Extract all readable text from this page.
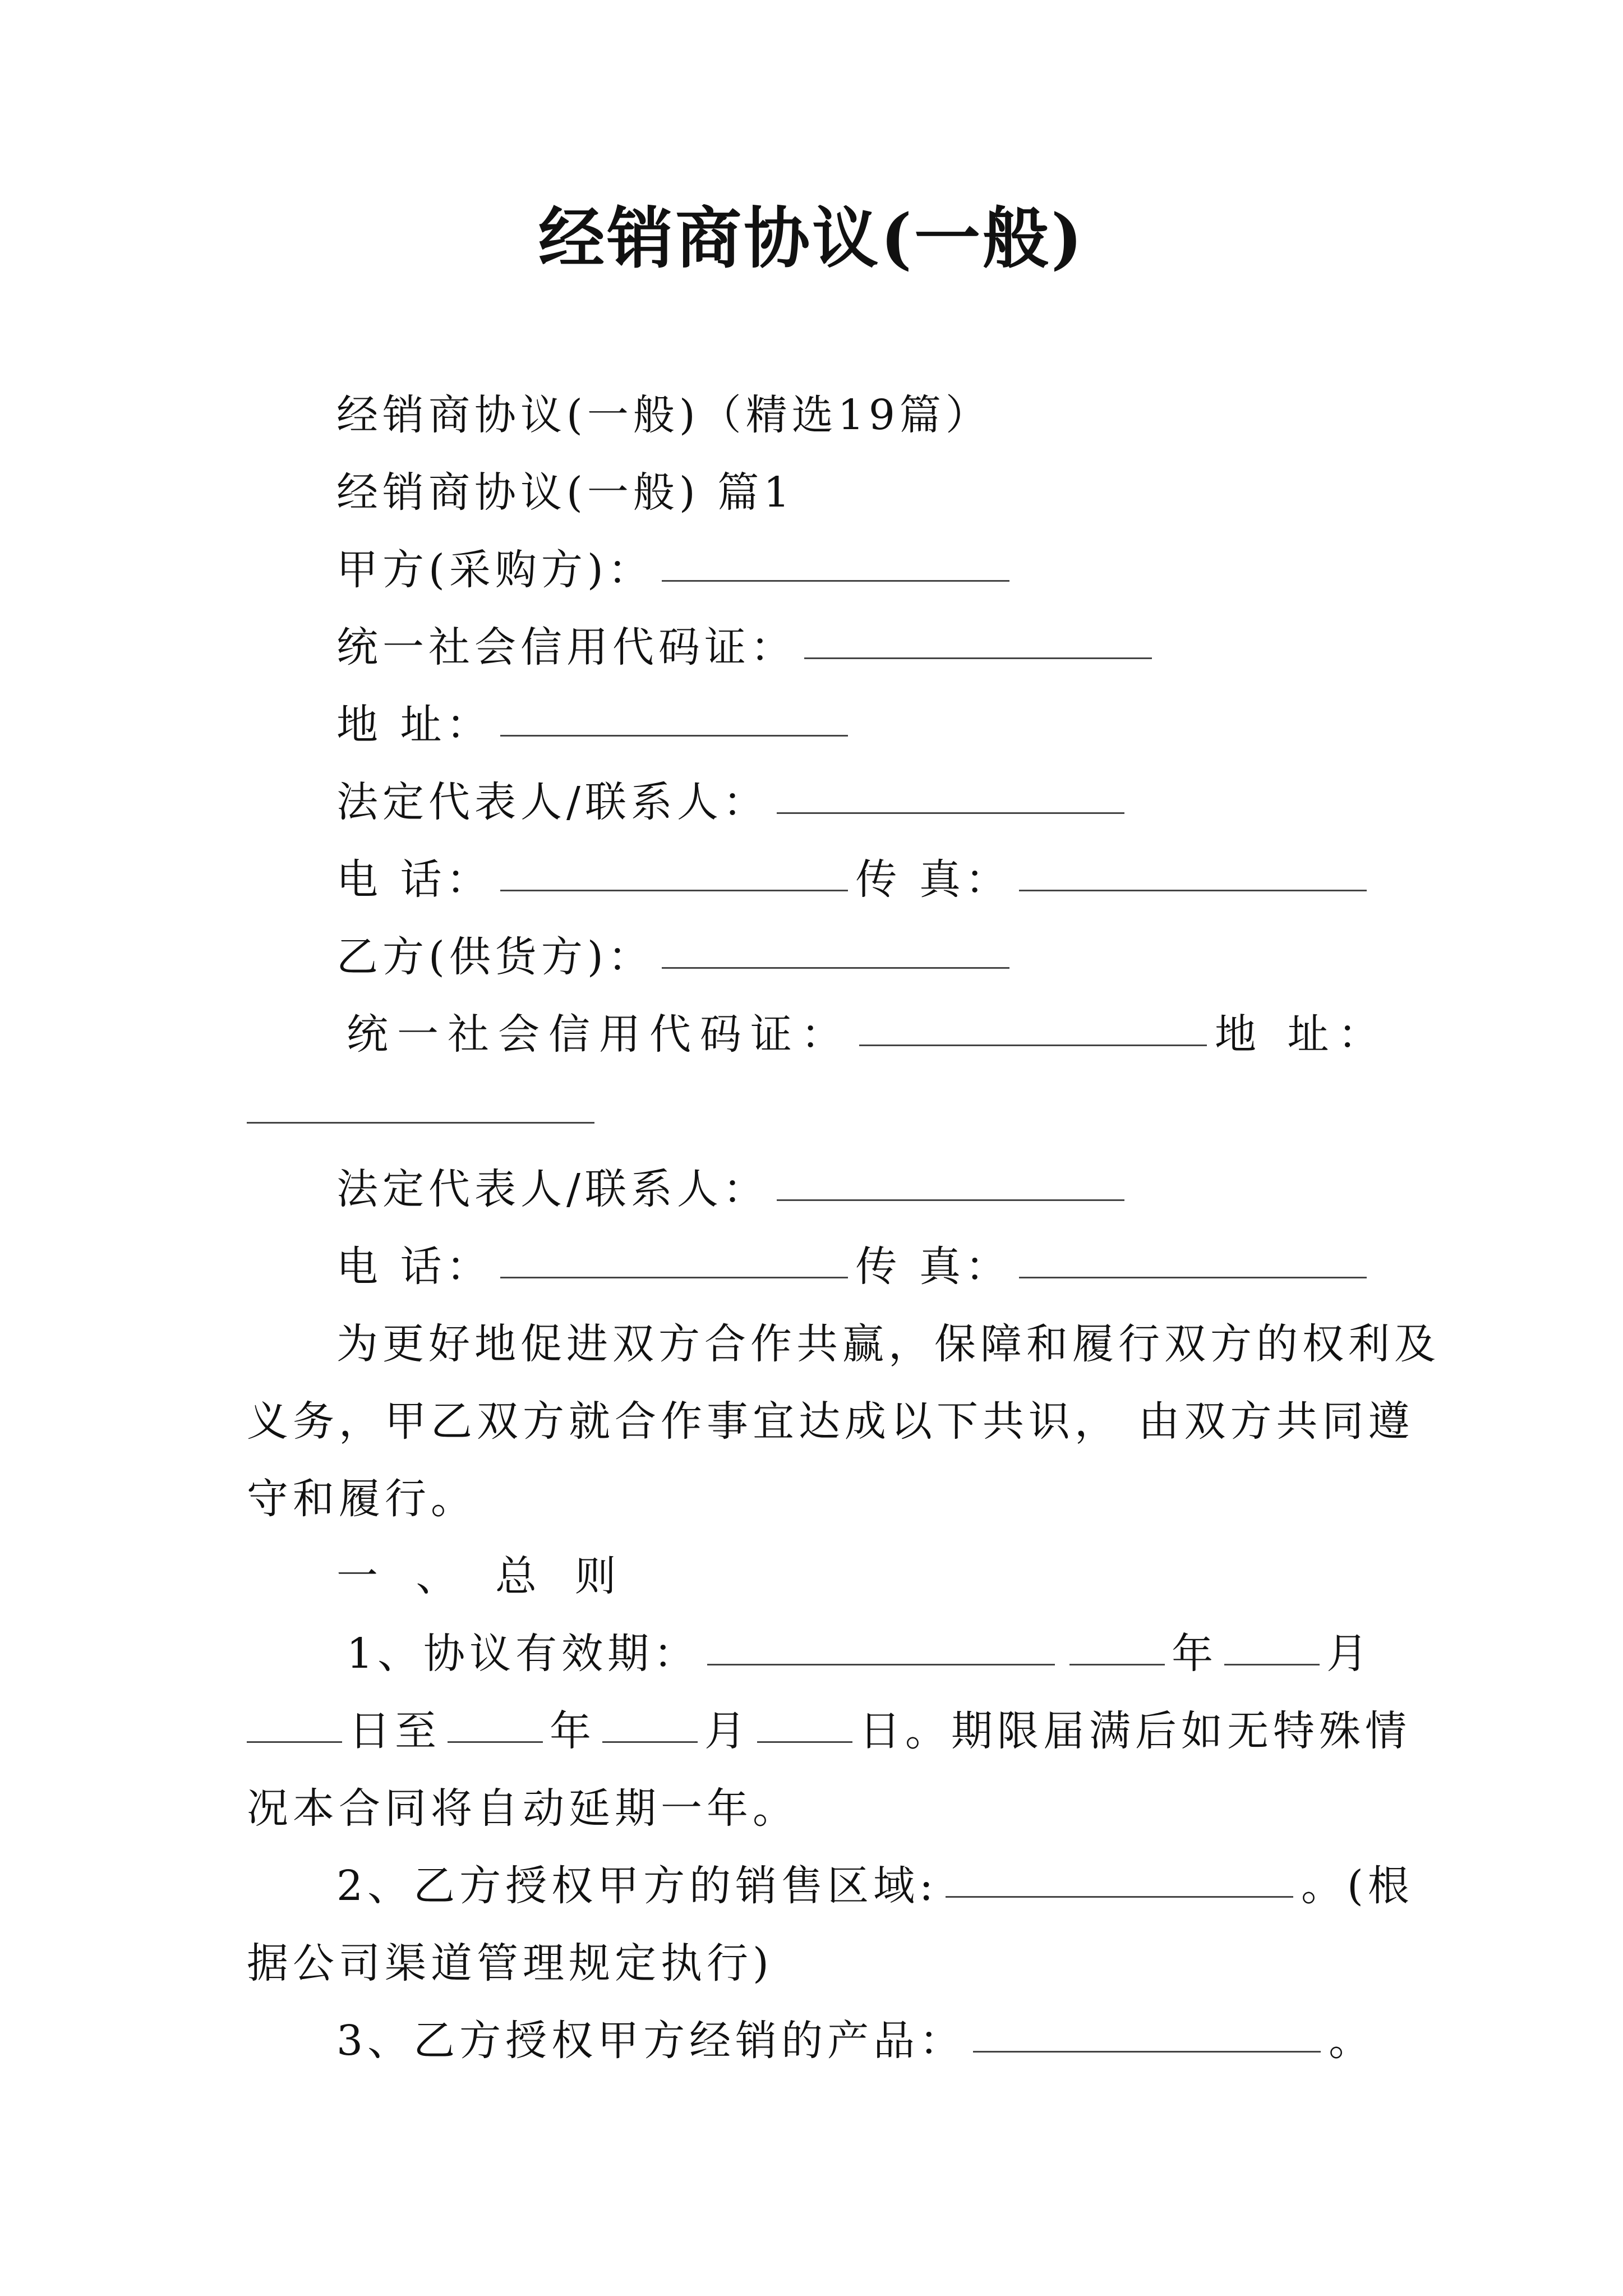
经销商协议(一般)
经销商协议(一般)（精选19篇）
经销商协议(一般) 篇1
甲方(采购方)：
统一社会信用代码证：
地 址：
法定代表人/联系人：
电 话：	传 真：
乙方(供货方)：
统一社会信用代码证：	地 址：
法定代表人/联系人：
电 话：	传 真：
为更好地促进双方合作共赢，保障和履行双方的权利及
义务，甲乙双方就合作事宜达成以下共识， 由双方共同遵
守和履行。
一 、 总 则
1、协议有效期：	年	月
日至	年	月	日。期限届满后如无特殊情
况本合同将自动延期一年。
2、乙方授权甲方的销售区域:	。(根
据公司渠道管理规定执行)
3、乙方授权甲方经销的产品：	。
